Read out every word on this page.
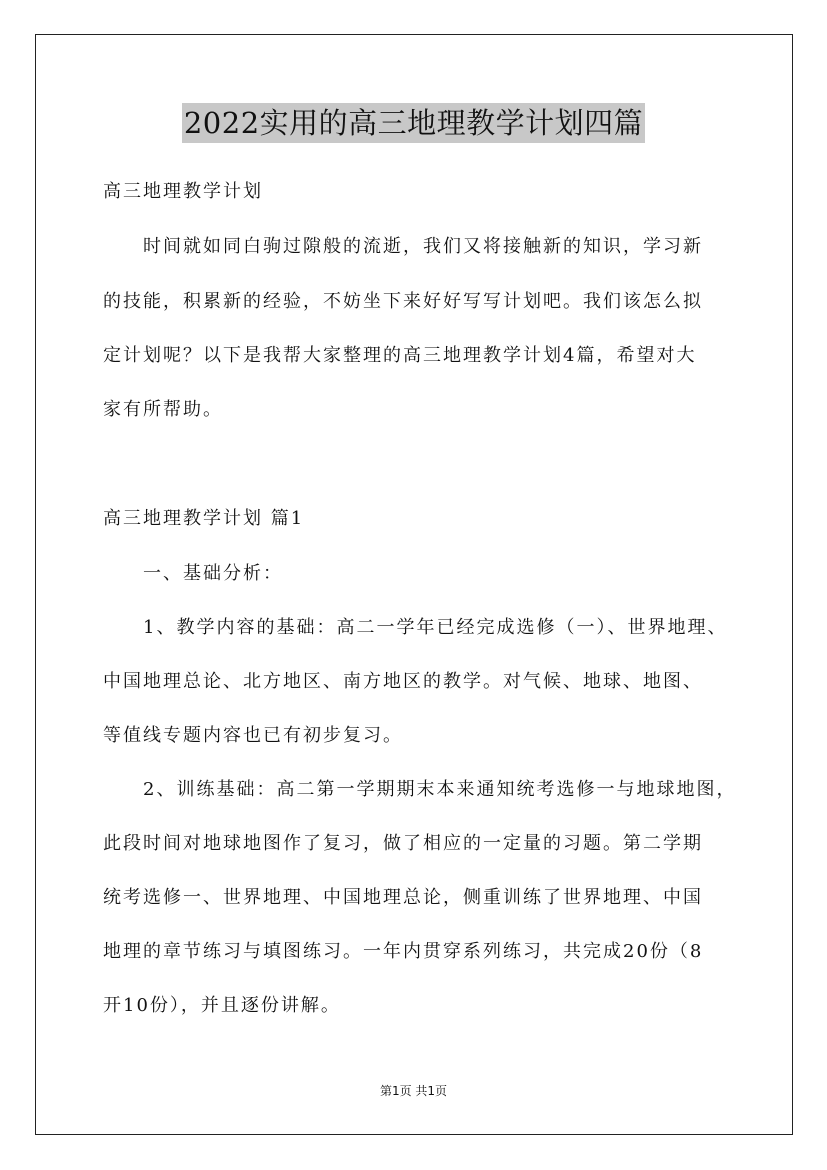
2022实用的高三地理教学计划四篇
高三地理教学计划
时间就如同白驹过隙般的流逝，我们又将接触新的知识，学习新
的技能，积累新的经验，不妨坐下来好好写写计划吧。我们该怎么拟
定计划呢？以下是我帮大家整理的高三地理教学计划4篇，希望对大
家有所帮助。
高三地理教学计划 篇1
一、基础分析：
1、教学内容的基础：高二一学年已经完成选修（一）、世界地理、
中国地理总论、北方地区、南方地区的教学。对气候、地球、地图、
等值线专题内容也已有初步复习。
2、训练基础：高二第一学期期末本来通知统考选修一与地球地图，
此段时间对地球地图作了复习，做了相应的一定量的习题。第二学期
统考选修一、世界地理、中国地理总论，侧重训练了世界地理、中国
地理的章节练习与填图练习。一年内贯穿系列练习，共完成20份（8
开10份），并且逐份讲解。
第1页 共1页
